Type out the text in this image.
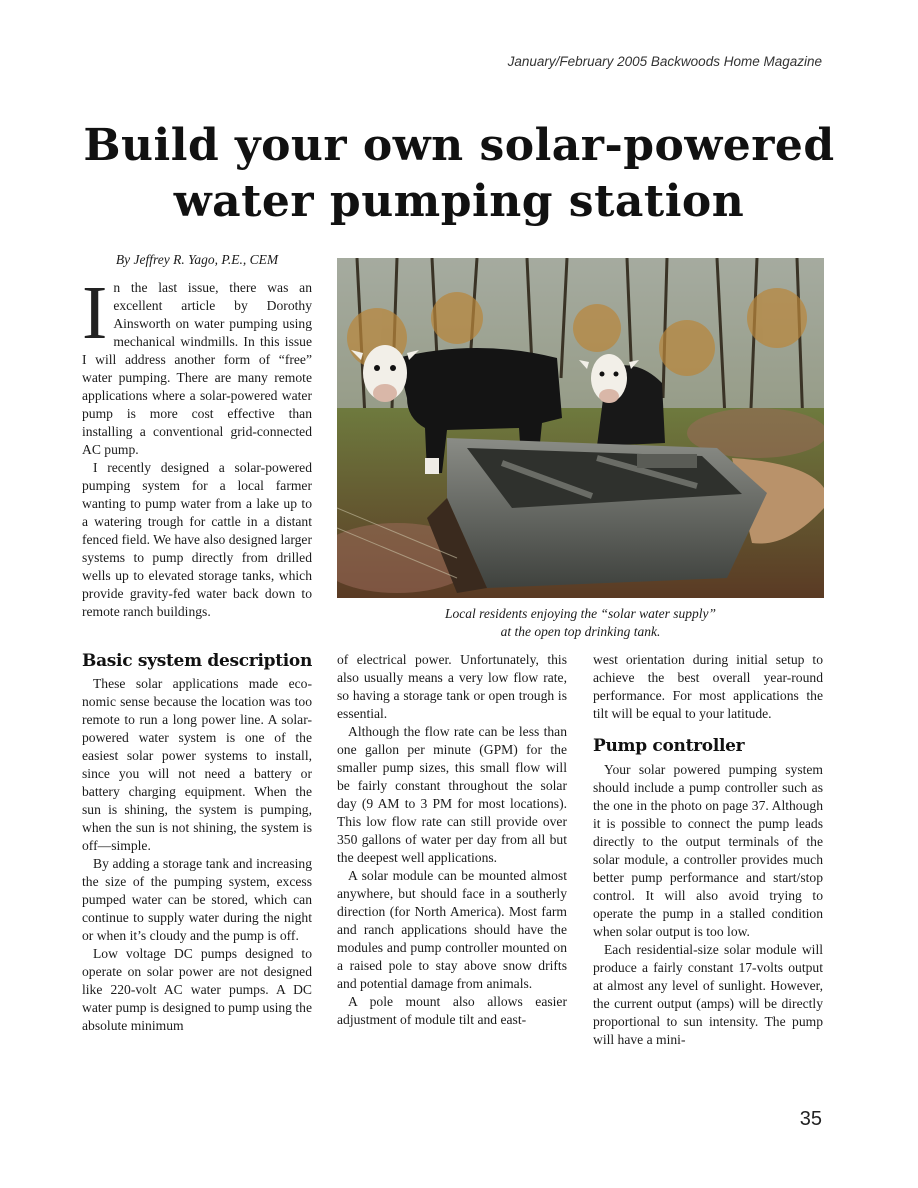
January/February 2005 Backwoods Home Magazine
Build your own solar-powered
water pumping station
By Jeffrey R. Yago, P.E., CEM

In the last issue, there was an excellent article by Dorothy Ainsworth on water pumping using mechanical windmills. In this issue I will address another form of “free” water pumping. There are many remote applications where a solar-powered water pump is more cost effective than installing a conventional grid-connected AC pump.

I recently designed a solar-powered pumping system for a local farmer wanting to pump water from a lake up to a watering trough for cattle in a distant fenced field. We have also designed larger systems to pump directly from drilled wells up to elevated storage tanks, which provide gravity-fed water back down to remote ranch buildings.

Basic system description

These solar applications made economic sense because the location was too remote to run a long power line. A solar-powered water system is one of the easiest solar power systems to install, since you will not need a battery or battery charging equipment. When the sun is shining, the system is pumping, when the sun is not shining, the system is off—simple.

By adding a storage tank and increasing the size of the pumping system, excess pumped water can be stored, which can continue to supply water during the night or when it’s cloudy and the pump is off.

Low voltage DC pumps designed to operate on solar power are not designed like 220-volt AC water pumps. A DC water pump is designed to pump using the absolute minimum

Local residents enjoying the “solar water supply”
at the open top drinking tank.

of electrical power. Unfortunately, this also usually means a very low flow rate, so having a storage tank or open trough is essential.

Although the flow rate can be less than one gallon per minute (GPM) for the smaller pump sizes, this small flow will be fairly constant throughout the solar day (9 AM to 3 PM for most locations). This low flow rate can still provide over 350 gallons of water per day from all but the deepest well applications.

A solar module can be mounted almost anywhere, but should face in a southerly direction (for North America). Most farm and ranch applications should have the modules and pump controller mounted on a raised pole to stay above snow drifts and potential damage from animals.

A pole mount also allows easier adjustment of module tilt and east-

west orientation during initial setup to achieve the best overall year-round performance. For most applications the tilt will be equal to your latitude.

Pump controller

Your solar powered pumping system should include a pump controller such as the one in the photo on page 37. Although it is possible to connect the pump leads directly to the output terminals of the solar module, a controller provides much better pump performance and start/stop control. It will also avoid trying to operate the pump in a stalled condition when solar output is too low.

Each residential-size solar module will produce a fairly constant 17-volts output at almost any level of sunlight. However, the current output (amps) will be directly proportional to sun intensity. The pump will have a mini-

35
